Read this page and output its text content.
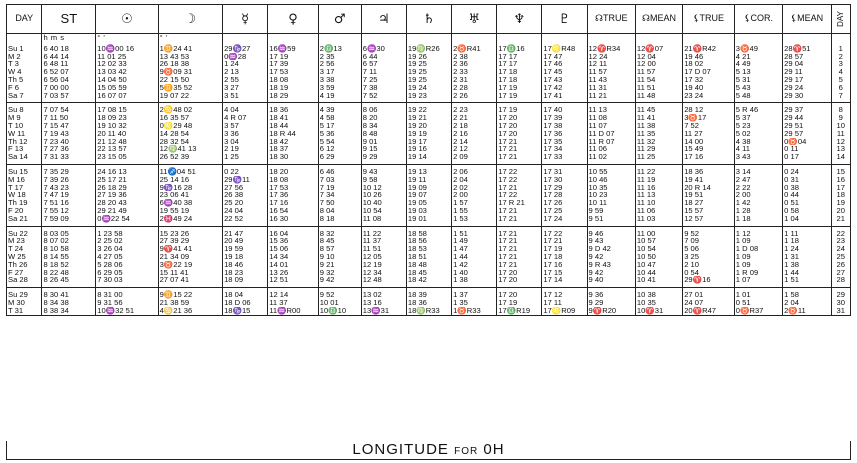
DAY	ST	☉	☽	☿	♀	♂	♃	♄	♅	♆	♇	☊TRUE	☊MEAN	⚸TRUE	⚸COR.	⚸MEAN	DAY
	h m s	° '	° '														
Su 1	6 40 18	10♒00 16	1♊24 41	29♑27	16♒59	2♎13	6♒30	19♍R26	2♉R41	17♎16	17♌R48	12♈R34	12♈07	21♈R42	3♉49	28♈51	1
M 2	6 44 14	11 01 25	13 43 53	0♒28	17 19	2 35	6 44	19 26	2 38	17 17	17 47	12 24	12 04	19 46	4 21	28 57	2
T 3	6 48 11	12 02 33	26 18 38	1 24	17 39	2 56	6 57	19 25	2 36	17 17	17 46	12 11	12 00	18 02	4 49	29 04	3
W 4	6 52 07	13 03 42	9♉09 31	2 13	17 53	3 17	7 11	19 25	2 33	17 18	17 45	11 57	11 57	17 D 07	5 13	29 11	4
Th 5	6 56 04	14 04 50	22 15 50	2 55	18 08	3 38	7 25	19 25	2 31	17 18	17 43	11 43	11 54	17 32	5 31	29 17	5
F 6	7 00 00	15 05 59	5♊35 52	3 27	18 19	3 59	7 38	19 24	2 28	17 19	17 42	11 31	11 51	19 40	5 43	29 24	6
Sa 7	7 03 57	16 07 07	19 07 22	3 51	18 29	4 19	7 52	19 23	2 26	17 19	17 41	11 21	11 48	23 24	5 48	29 30	7
Su 8	7 07 54	17 08 15	2♋48 02	4 04	18 36	4 39	8 06	19 22	2 23	17 19	17 40	11 13	11 45	28 12	5 R 46	29 37	8
M 9	7 11 50	18 09 23	16 35 57	4 R 07	18 41	4 58	8 20	19 21	2 21	17 20	17 39	11 08	11 41	3♉17	5 37	29 44	9
T 10	7 15 47	19 10 32	0♌29 48	3 57	18 44	5 17	8 34	19 20	2 18	17 20	17 38	11 07	11 38	7 52	5 23	29 51	10
W 11	7 19 43	20 11 40	14 28 54	3 36	18 R 44	5 36	8 48	19 19	2 16	17 20	17 36	11 D 07	11 35	11 27	5 02	29 57	11
Th 12	7 23 40	21 12 48	28 32 54	3 04	18 42	5 54	9 01	19 17	2 14	17 21	17 35	11 R 07	11 32	14 00	4 38	0♉04	12
F 13	7 27 36	22 13 57	12♍41 13	2 19	18 37	6 12	9 15	19 16	2 12	17 21	17 34	11 06	11 29	15 49	4 11	0 11	13
Sa 14	7 31 33	23 15 05	26 52 39	1 25	18 30	6 29	9 29	19 14	2 09	17 21	17 33	11 02	11 25	17 16	3 43	0 17	14
Su 15	7 35 29	24 16 13	11♐04 51	0 22	18 20	6 46	9 43	19 13	2 06	17 22	17 31	10 55	11 22	18 36	3 14	0 24	15
M 16	7 39 26	25 17 21	25 14 16	29♑11	18 08	7 03	9 58	19 11	2 04	17 22	17 30	10 46	11 19	19 41	2 47	0 31	16
T 17	7 43 23	26 18 29	9♑16 28	27 56	17 53	7 19	10 12	19 09	2 02	17 21	17 29	10 35	11 16	20 R 14	2 22	0 38	17
W 18	7 47 19	27 19 36	23 06 41	26 38	17 36	7 34	10 26	19 07	2 00	17 22	17 28	10 23	11 13	19 51	2 00	0 44	18
Th 19	7 51 16	28 20 43	6♒40 38	25 20	17 16	7 50	10 40	19 05	1 57	17 R 21	17 26	10 11	11 10	18 27	1 42	0 51	19
F 20	7 55 12	29 21 49	19 55 19	24 04	16 54	8 04	10 54	19 03	1 55	17 21	17 25	9 59	11 06	15 57	1 28	0 58	20
Sa 21	7 59 09	0♒22 54	2♓49 24	22 52	16 30	8 18	11 08	19 01	1 53	17 21	17 24	9 51	11 03	12 57	1 18	1 04	21
Su 22	8 03 05	1 23 58	15 23 26	21 47	16 04	8 32	11 22	18 58	1 51	17 21	17 22	9 46	11 00	9 52	1 12	1 11	22
M 23	8 07 02	2 25 02	27 39 29	20 49	15 36	8 45	11 37	18 56	1 49	17 21	17 21	9 43	10 57	7 09	1 09	1 18	23
T 24	8 10 58	3 26 04	9♈41 41	19 59	15 06	8 57	11 51	18 53	1 47	17 21	17 19	9 D 42	10 54	5 06	1 D 08	1 24	24
W 25	8 14 55	4 27 05	21 34 09	19 18	14 34	9 10	12 05	18 51	1 44	17 21	17 18	9 42	10 50	3 25	1 09	1 31	25
Th 26	8 18 52	5 28 06	3♉22 19	18 46	14 01	9 21	12 19	18 48	1 42	17 21	17 16	9 R 43	10 47	2 10	1 09	1 38	26
F 27	8 22 48	6 29 05	15 11 41	18 23	13 26	9 32	12 34	18 45	1 40	17 20	17 15	9 42	10 44	0 54	1 R 09	1 44	27
Sa 28	8 26 45	7 30 03	27 07 41	18 09	12 51	9 42	12 48	18 42	1 38	17 20	17 14	9 40	10 41	29♈16	1 07	1 51	28
Su 29	8 30 41	8 31 00	9♊15 22	18 04	12 14	9 52	13 02	18 39	1 37	17 20	17 12	9 36	10 38	27 01	1 01	1 58	29
M 30	8 34 38	9 31 56	21 38 59	18 D 06	11 37	10 01	13 16	18 36	1 35	17 19	17 11	9 29	10 35	24 07	0 51	2 04	30
T 31	8 38 34	10♒32 51	4♋21 36	18♑15	11♒R00	10♎10	13♒31	18♍R33	1♉R33	17♎R19	17♌R09	9♈R20	10♈31	20♈R47	0♉R37	2♉11	31
LONGITUDE FOR 0H
